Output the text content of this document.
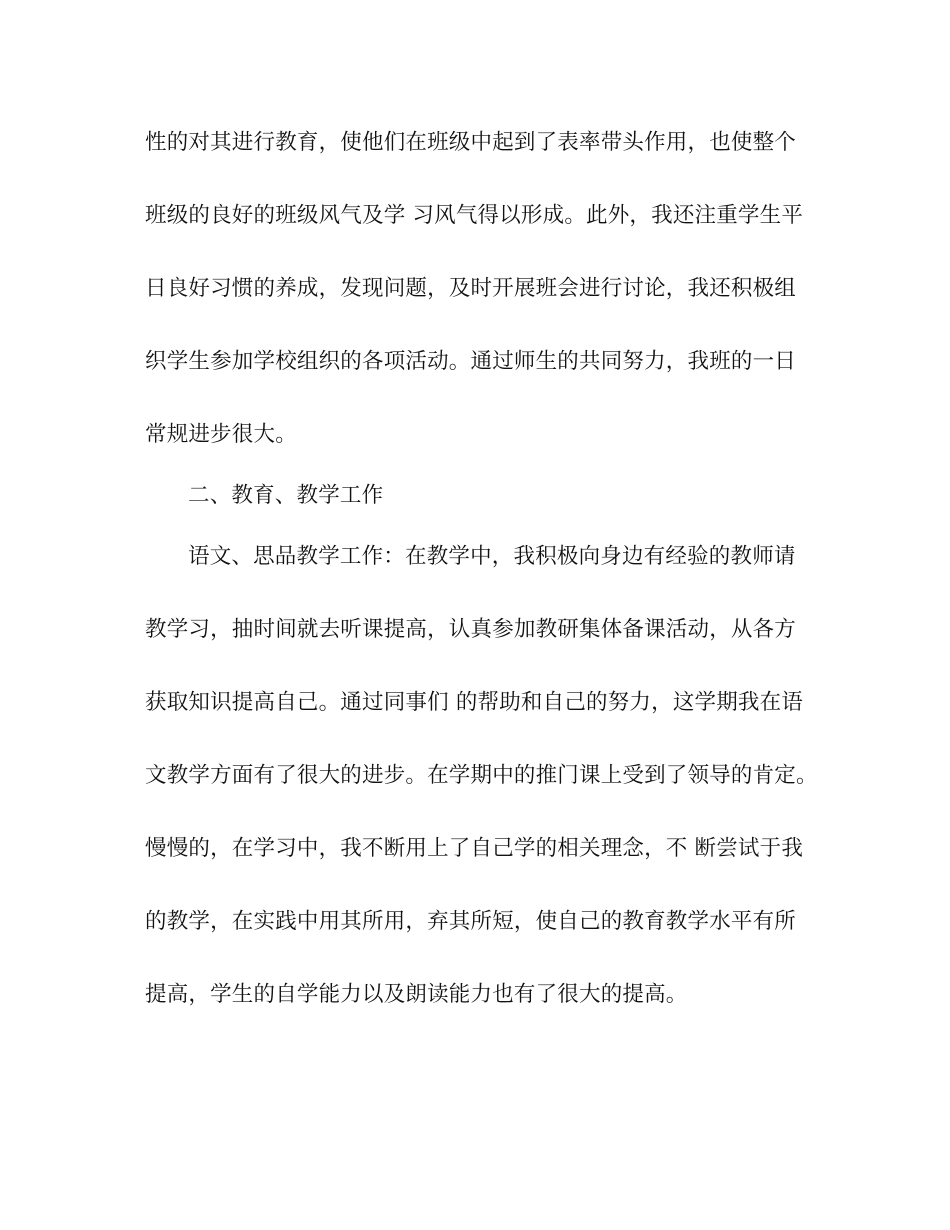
性的对其进行教育，使他们在班级中起到了表率带头作用，也使整个
班级的良好的班级风气及学 习风气得以形成。此外，我还注重学生平
日良好习惯的养成，发现问题，及时开展班会进行讨论，我还积极组
织学生参加学校组织的各项活动。通过师生的共同努力，我班的一日
常规进步很大。
二、教育、教学工作
语文、思品教学工作：在教学中，我积极向身边有经验的教师请
教学习，抽时间就去听课提高，认真参加教研集体备课活动，从各方
获取知识提高自己。通过同事们 的帮助和自己的努力，这学期我在语
文教学方面有了很大的进步。在学期中的推门课上受到了领导的肯定。
慢慢的，在学习中，我不断用上了自己学的相关理念，不 断尝试于我
的教学，在实践中用其所用，弃其所短，使自己的教育教学水平有所
提高，学生的自学能力以及朗读能力也有了很大的提高。
